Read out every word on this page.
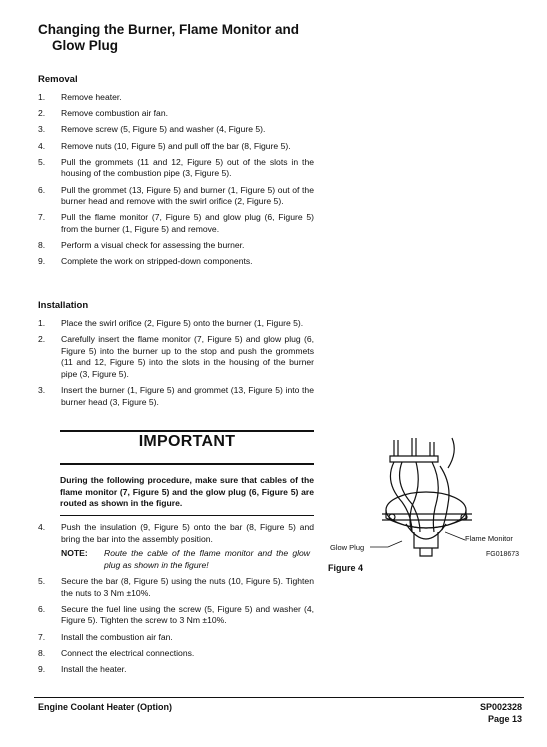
Changing the Burner, Flame Monitor and
Glow Plug
Removal
1. Remove heater.
2. Remove combustion air fan.
3. Remove screw (5, Figure 5) and washer (4, Figure 5).
4. Remove nuts (10, Figure 5) and pull off the bar (8, Figure 5).
5. Pull the grommets (11 and 12, Figure 5) out of the slots in the housing of the combustion pipe (3, Figure 5).
6. Pull the grommet (13, Figure 5) and burner (1, Figure 5) out of the burner head and remove with the swirl orifice (2, Figure 5).
7. Pull the flame monitor (7, Figure 5) and glow plug (6, Figure 5) from the burner (1, Figure 5) and remove.
8. Perform a visual check for assessing the burner.
9. Complete the work on stripped-down components.
Installation
1. Place the swirl orifice (2, Figure 5) onto the burner (1, Figure 5).
2. Carefully insert the flame monitor (7, Figure 5) and glow plug (6, Figure 5) into the burner up to the stop and push the grommets (11 and 12, Figure 5) into the slots in the housing of the burner pipe (3, Figure 5).
3. Insert the burner (1, Figure 5) and grommet (13, Figure 5) into the burner head (3, Figure 5).
IMPORTANT
During the following procedure, make sure that cables of the flame monitor (7, Figure 5) and the glow plug (6, Figure 5) are routed as shown in the figure.
4. Push the insulation (9, Figure 5) onto the bar (8, Figure 5) and bring the bar into the assembly position.
NOTE: Route the cable of the flame monitor and the glow plug as shown in the figure!
5. Secure the bar (8, Figure 5) using the nuts (10, Figure 5). Tighten the nuts to 3 Nm ±10%.
6. Secure the fuel line using the screw (5, Figure 5) and washer (4, Figure 5). Tighten the screw to 3 Nm ±10%.
7. Install the combustion air fan.
8. Connect the electrical connections.
9. Install the heater.
Glow Plug
Flame Monitor
FG018673
Figure 4
Engine Coolant Heater (Option)	SP002328
Page 13
